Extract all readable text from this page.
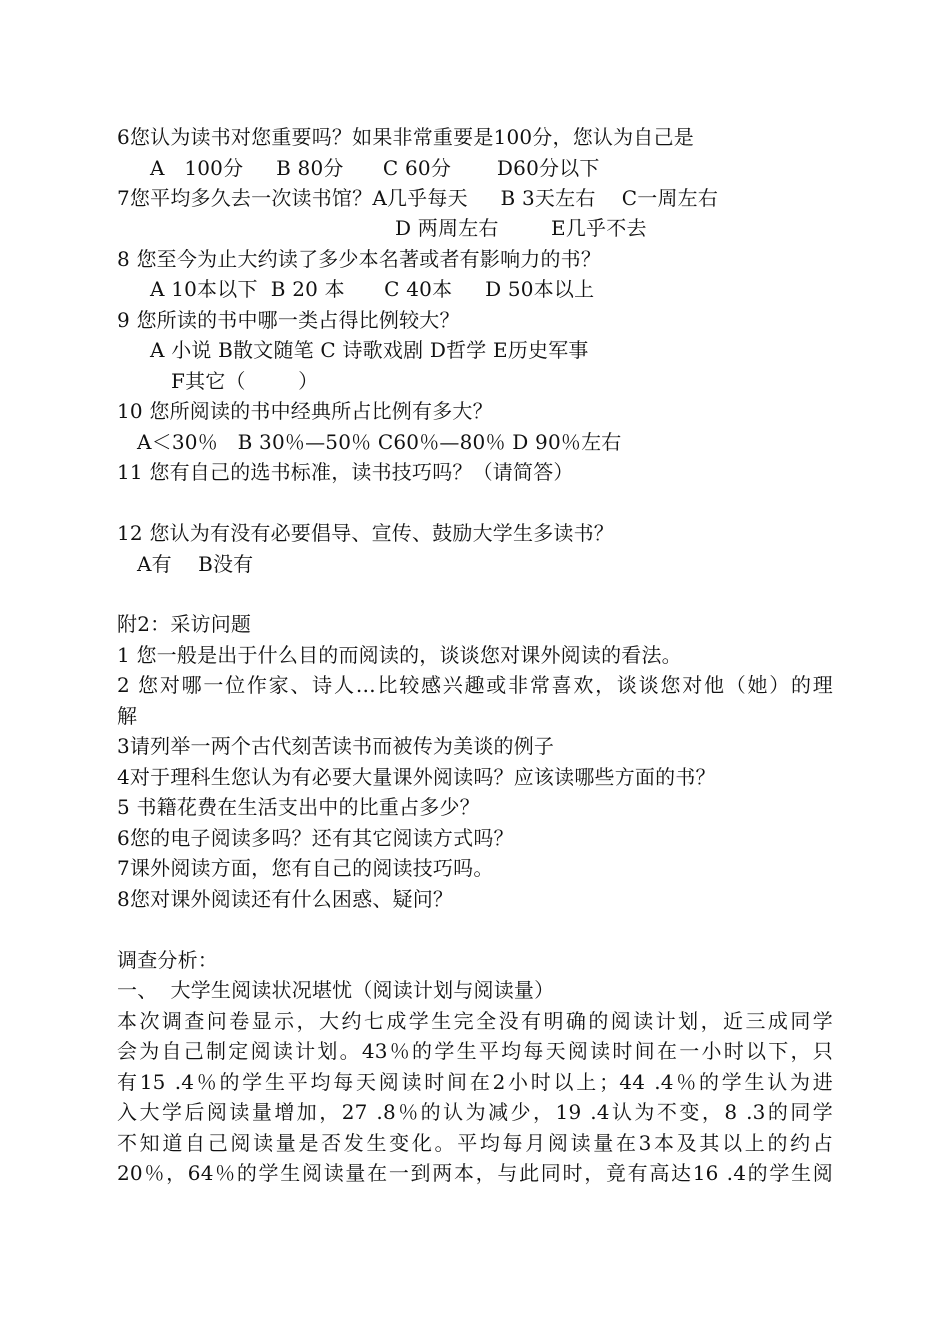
6您认为读书对您重要吗？如果非常重要是100分，您认为自己是
A   100分     B 80分      C 60分       D60分以下
7您平均多久去一次读书馆？A几乎每天     B 3天左右    C一周左右
D 两周左右        E几乎不去
8 您至今为止大约读了多少本名著或者有影响力的书？
A 10本以下  B 20 本      C 40本     D 50本以上
9 您所读的书中哪一类占得比例较大？
A 小说 B散文随笔 C 诗歌戏剧 D哲学 E历史军事
F其它（        ）
10 您所阅读的书中经典所占比例有多大？
A＜30％   B 30％—50％ C60％—80％ D 90％左右
11 您有自己的选书标准，读书技巧吗？（请简答）
12 您认为有没有必要倡导、宣传、鼓励大学生多读书？
A有    B没有
附2：采访问题
1 您一般是出于什么目的而阅读的，谈谈您对课外阅读的看法。
2 您对哪一位作家、诗人…比较感兴趣或非常喜欢，谈谈您对他（她）的理
解
3请列举一两个古代刻苦读书而被传为美谈的例子
4对于理科生您认为有必要大量课外阅读吗？应该读哪些方面的书？
5 书籍花费在生活支出中的比重占多少？
6您的电子阅读多吗？还有其它阅读方式吗？
7课外阅读方面，您有自己的阅读技巧吗。
8您对课外阅读还有什么困惑、疑问？
调查分析：
一、  大学生阅读状况堪忧（阅读计划与阅读量）
本次调查问卷显示，大约七成学生完全没有明确的阅读计划，近三成同学
会为自己制定阅读计划。43％的学生平均每天阅读时间在一小时以下，只
有15 .4％的学生平均每天阅读时间在2小时以上；44 .4％的学生认为进
入大学后阅读量增加，27 .8％的认为减少，19 .4认为不变，8 .3的同学
不知道自己阅读量是否发生变化。平均每月阅读量在3本及其以上的约占
20％，64％的学生阅读量在一到两本，与此同时，竟有高达16 .4的学生阅
